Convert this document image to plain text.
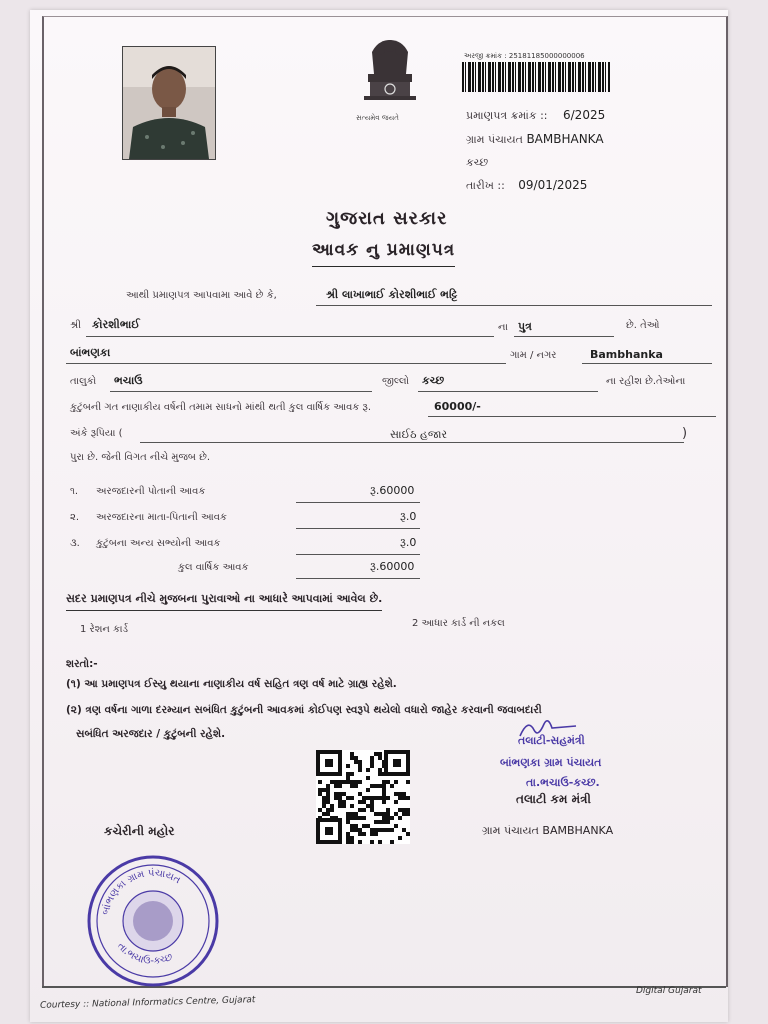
સત્યમેવ જયતે
અરજી ક્રમાંક : 25181185000000006
પ્રમાણપત્ર ક્રમાંક :: 6/2025
ગ્રામ પંચાયત BAMBHANKA
કચ્છ
તારીખ :: 09/01/2025
ગુજરાત સરકાર
આવક નુ પ્રમાણપત્ર
આથી પ્રમાણપત્ર આપવામા આવે છે કે,	શ્રી લાખાભાઈ કોરશીભાઈ ભટ્ટિ
શ્રી કોરશીભાઈ	ના પુત્ર	છે. તેઓ
બાંભણકા	ગામ / નગર	Bambhanka
તાલુકો ભચાઉ	જીલ્લો કચ્છ	ના રહીશ છે.તેઓના
કુટુંબની ગત નાણાકીય વર્ષની તમામ સાધનો માંથી થતી કુલ વાર્ષિક આવક રૂ.	60000/-
અંકે રૂપિયા (	સાઈઠ હજાર	)
પુરા છે. જેની વિગત નીચે મુજબ છે.
૧. અરજદારની પોતાની આવક	રૂ.60000
૨. અરજદારના માતા-પિતાની આવક	રૂ.0
૩. કુટુંબના અન્ય સભ્યોની આવક	રૂ.0
કુલ વાર્ષિક આવક	રૂ.60000
સદર પ્રમાણપત્ર નીચે મુજબના પુરાવાઓ ના આધારે આપવામાં આવેલ છે.
1 રેશન કાર્ડ
2 આધાર કાર્ડ ની નકલ
શરતો:-
(૧) આ પ્રમાણપત્ર ઈસ્યુ થયાના નાણાકીય વર્ષ સહિત ત્રણ વર્ષ માટે ગ્રાહ્ય રહેશે.
(૨) ત્રણ વર્ષના ગાળા દરમ્યાન સબંધિત કુટુંબની આવકમાં કોઈપણ સ્વરૂપે થયેલો વધારો જાહેર કરવાની જવાબદારી
સબંધિત અરજદાર / કુટુંબની રહેશે.	તલાટી-સહમંત્રી
બાંભણકા ગ્રામ પંચાયત
તા.ભચાઉ-કચ્છ.
તલાટી કમ મંત્રી
ગ્રામ પંચાયત BAMBHANKA
કચેરીની મહોર
બાંભણકા ગ્રામ પંચાયત
તા.ભચાઉ-કચ્છ
Courtesy :: National Informatics Centre, Gujarat
Digital Gujarat
